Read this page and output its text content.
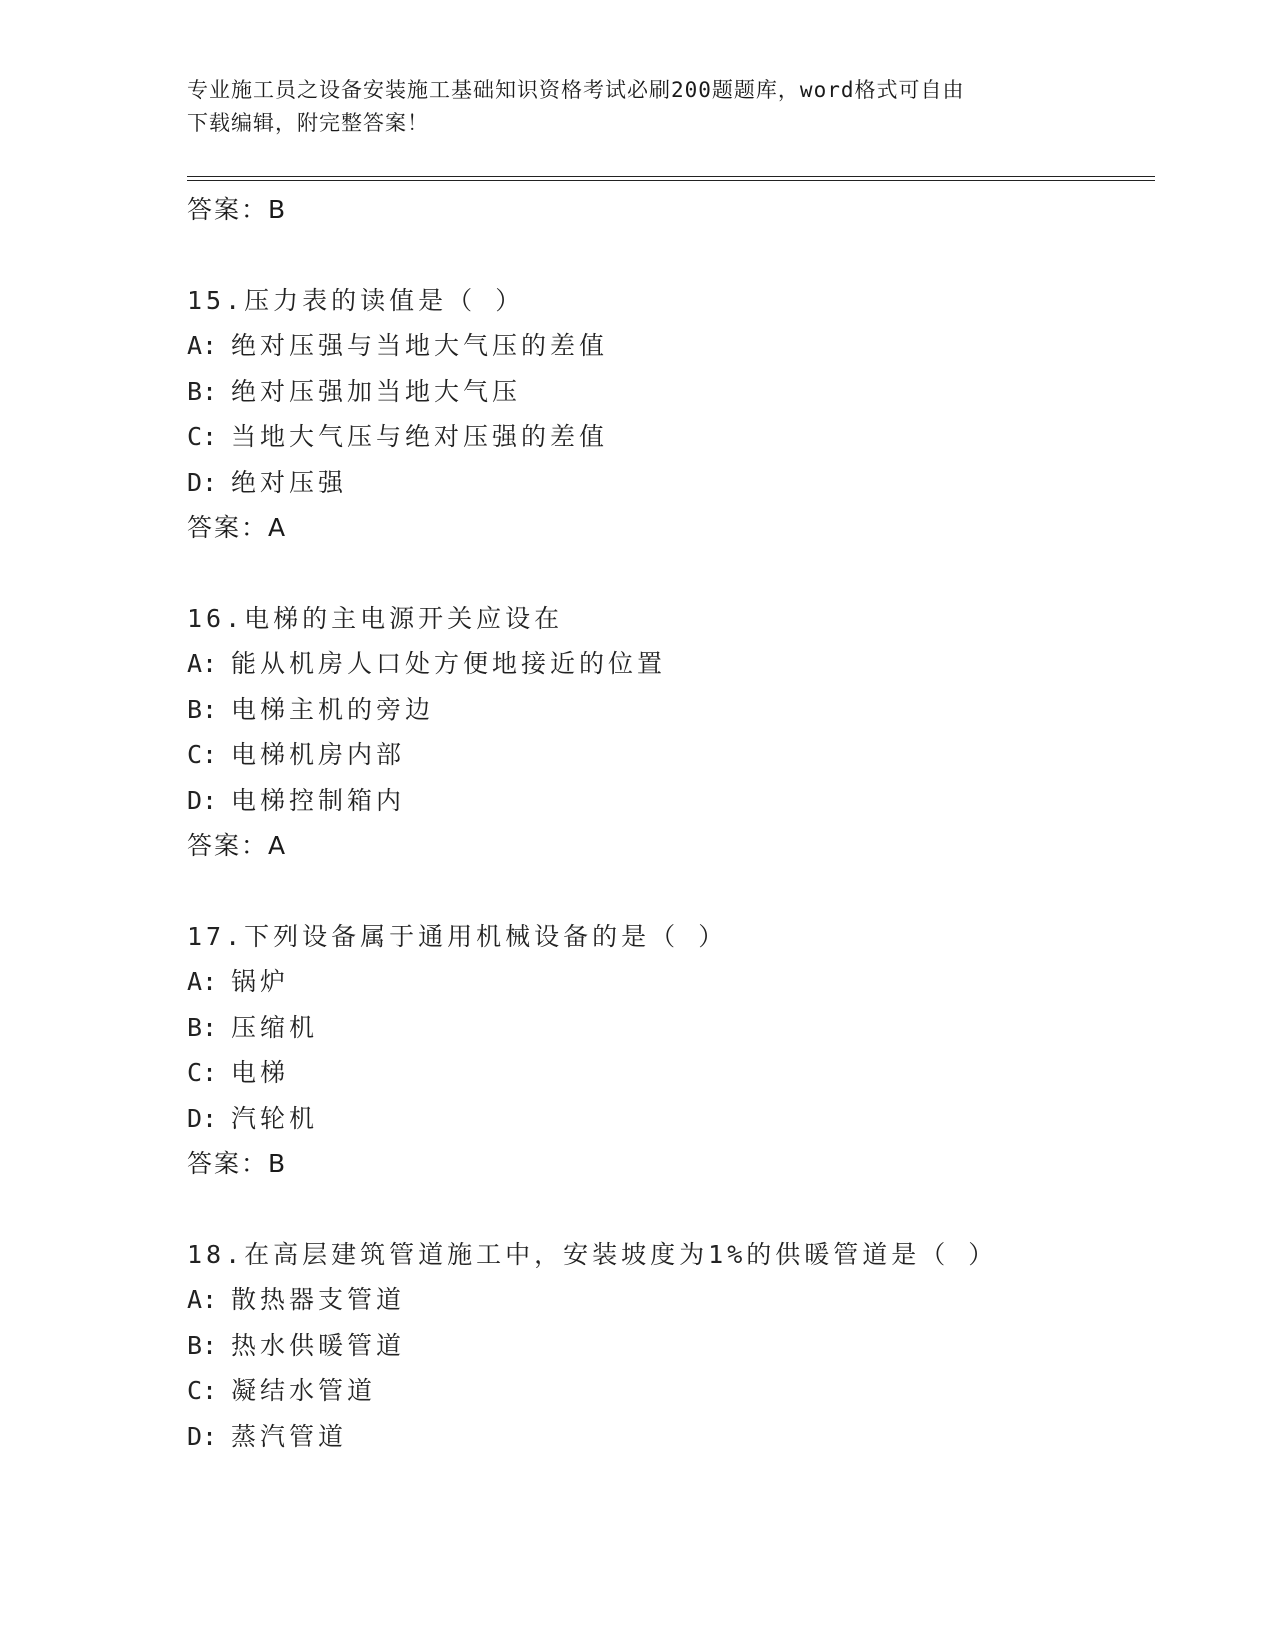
专业施工员之设备安装施工基础知识资格考试必刷200题题库，word格式可自由
下载编辑，附完整答案！
答案：B
15.压力表的读值是（ ）
A: 绝对压强与当地大气压的差值
B: 绝对压强加当地大气压
C: 当地大气压与绝对压强的差值
D: 绝对压强
答案：A
16.电梯的主电源开关应设在
A: 能从机房人口处方便地接近的位置
B: 电梯主机的旁边
C: 电梯机房内部
D: 电梯控制箱内
答案：A
17.下列设备属于通用机械设备的是（ ）
A: 锅炉
B: 压缩机
C: 电梯
D: 汽轮机
答案：B
18.在高层建筑管道施工中，安装坡度为1%的供暖管道是（ ）
A: 散热器支管道
B: 热水供暖管道
C: 凝结水管道
D: 蒸汽管道
